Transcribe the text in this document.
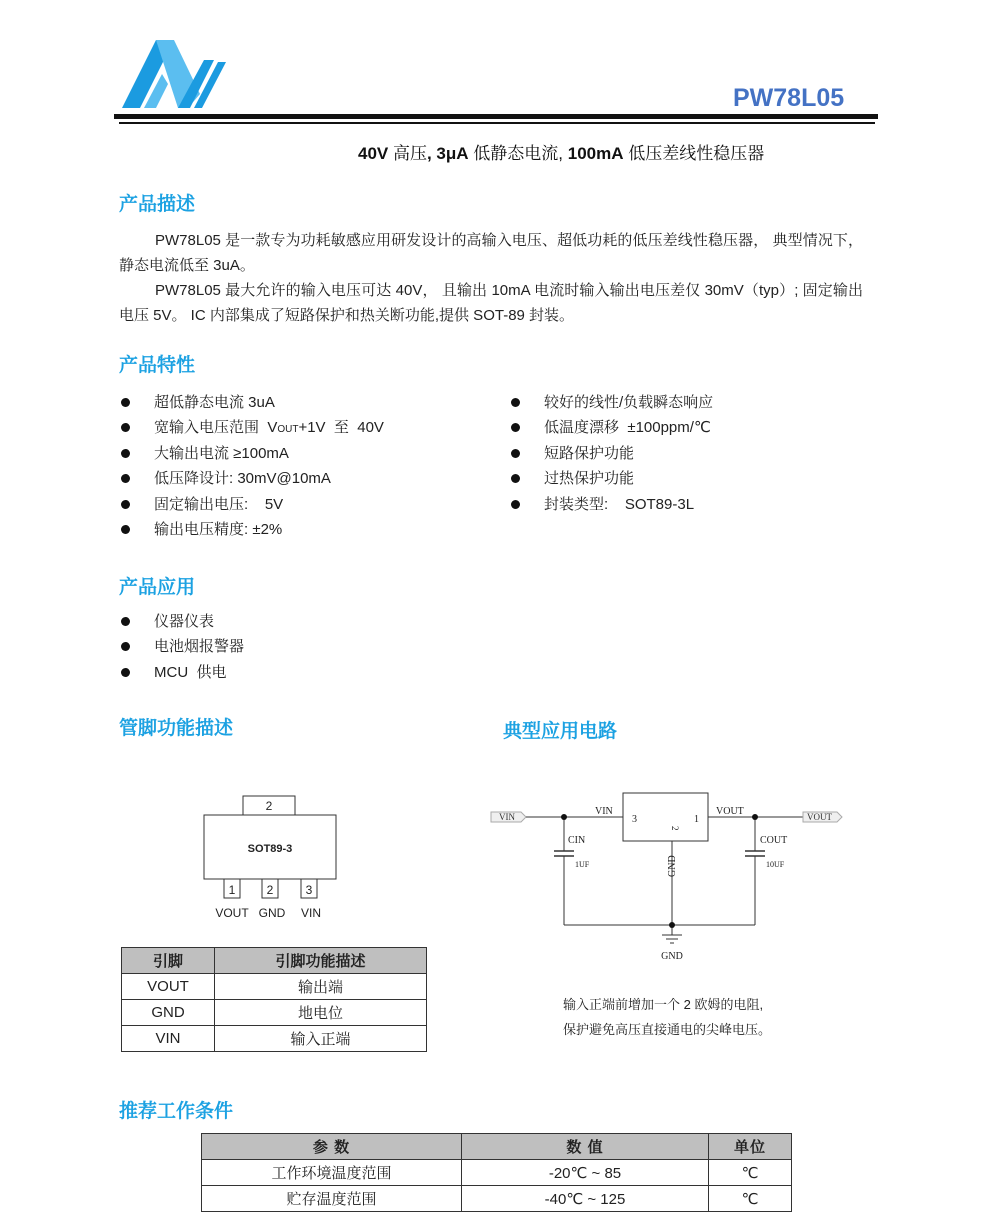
PW78L05
40V 高压, 3μA 低静态电流, 100mA 低压差线性稳压器
产品描述

PW78L05 是一款专为功耗敏感应用研发设计的高输入电压、超低功耗的低压差线性稳压器， 典型情况下， 静态电流低至 3uA。

PW78L05 最大允许的输入电压可达 40V， 且输出 10mA 电流时输入输出电压差仅 30mV（typ）; 固定输出电压 5V。 IC 内部集成了短路保护和热关断功能,提供 SOT-89 封装。

产品特性
超低静态电流 3uA
宽输入电压范围  VOUT+1V  至  40V
大输出电流 ≥100mA
低压降设计: 30mV@10mA
固定输出电压:    5V
输出电压精度: ±2%
较好的线性/负载瞬态响应
低温度漂移  ±100ppm/℃
短路保护功能
过热保护功能
封装类型:    SOT89-3L
产品应用
仪器仪表
电池烟报警器
MCU  供电
管脚功能描述	典型应用电路
2
SOT89-3
1	2	3
VOUT GND VIN
引脚	引脚功能描述
VOUT	输出端
GND	地电位
VIN	输入正端
VIN	VOUT
VIN	VOUT
3	1
2
GND
CIN
1UF
COUT
10UF
GND
输入正端前增加一个 2 欧姆的电阻,
保护避免高压直接通电的尖峰电压。
推荐工作条件
参 数	数 值	单位
工作环境温度范围	-20℃ ~ 85	℃
贮存温度范围	-40℃ ~ 125	℃
